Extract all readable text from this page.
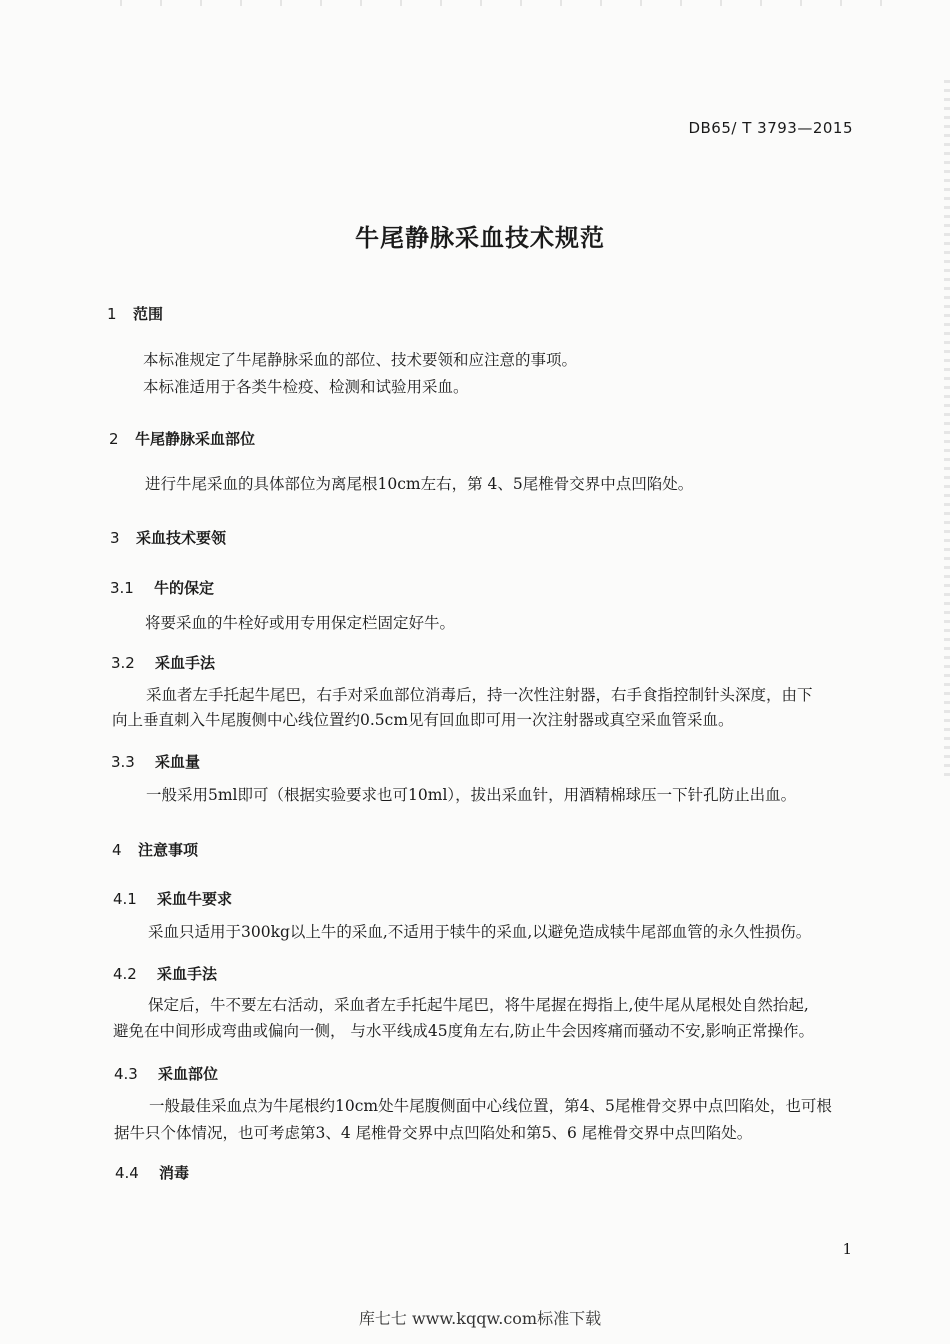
DB65/ T 3793—2015
牛尾静脉采血技术规范
1 范围
本标准规定了牛尾静脉采血的部位、技术要领和应注意的事项。
本标准适用于各类牛检疫、检测和试验用采血。
2 牛尾静脉采血部位
进行牛尾采血的具体部位为离尾根10cm左右，第 4、5尾椎骨交界中点凹陷处。
3 采血技术要领
3.1 牛的保定
将要采血的牛栓好或用专用保定栏固定好牛。
3.2 采血手法
采血者左手托起牛尾巴，右手对采血部位消毒后，持一次性注射器，右手食指控制针头深度，由下
向上垂直刺入牛尾腹侧中心线位置约0.5cm见有回血即可用一次注射器或真空采血管采血。
3.3 采血量
一般采用5ml即可（根据实验要求也可10ml），拔出采血针，用酒精棉球压一下针孔防止出血。
4 注意事项
4.1 采血牛要求
采血只适用于300kg以上牛的采血,不适用于犊牛的采血,以避免造成犊牛尾部血管的永久性损伤。
4.2 采血手法
保定后，牛不要左右活动，采血者左手托起牛尾巴，将牛尾握在拇指上,使牛尾从尾根处自然抬起,
避免在中间形成弯曲或偏向一侧， 与水平线成45度角左右,防止牛会因疼痛而骚动不安,影响正常操作。
4.3 采血部位
一般最佳采血点为牛尾根约10cm处牛尾腹侧面中心线位置，第4、5尾椎骨交界中点凹陷处，也可根
据牛只个体情况，也可考虑第3、4 尾椎骨交界中点凹陷处和第5、6 尾椎骨交界中点凹陷处。
4.4 消毒
1
库七七 www.kqqw.com标准下载
